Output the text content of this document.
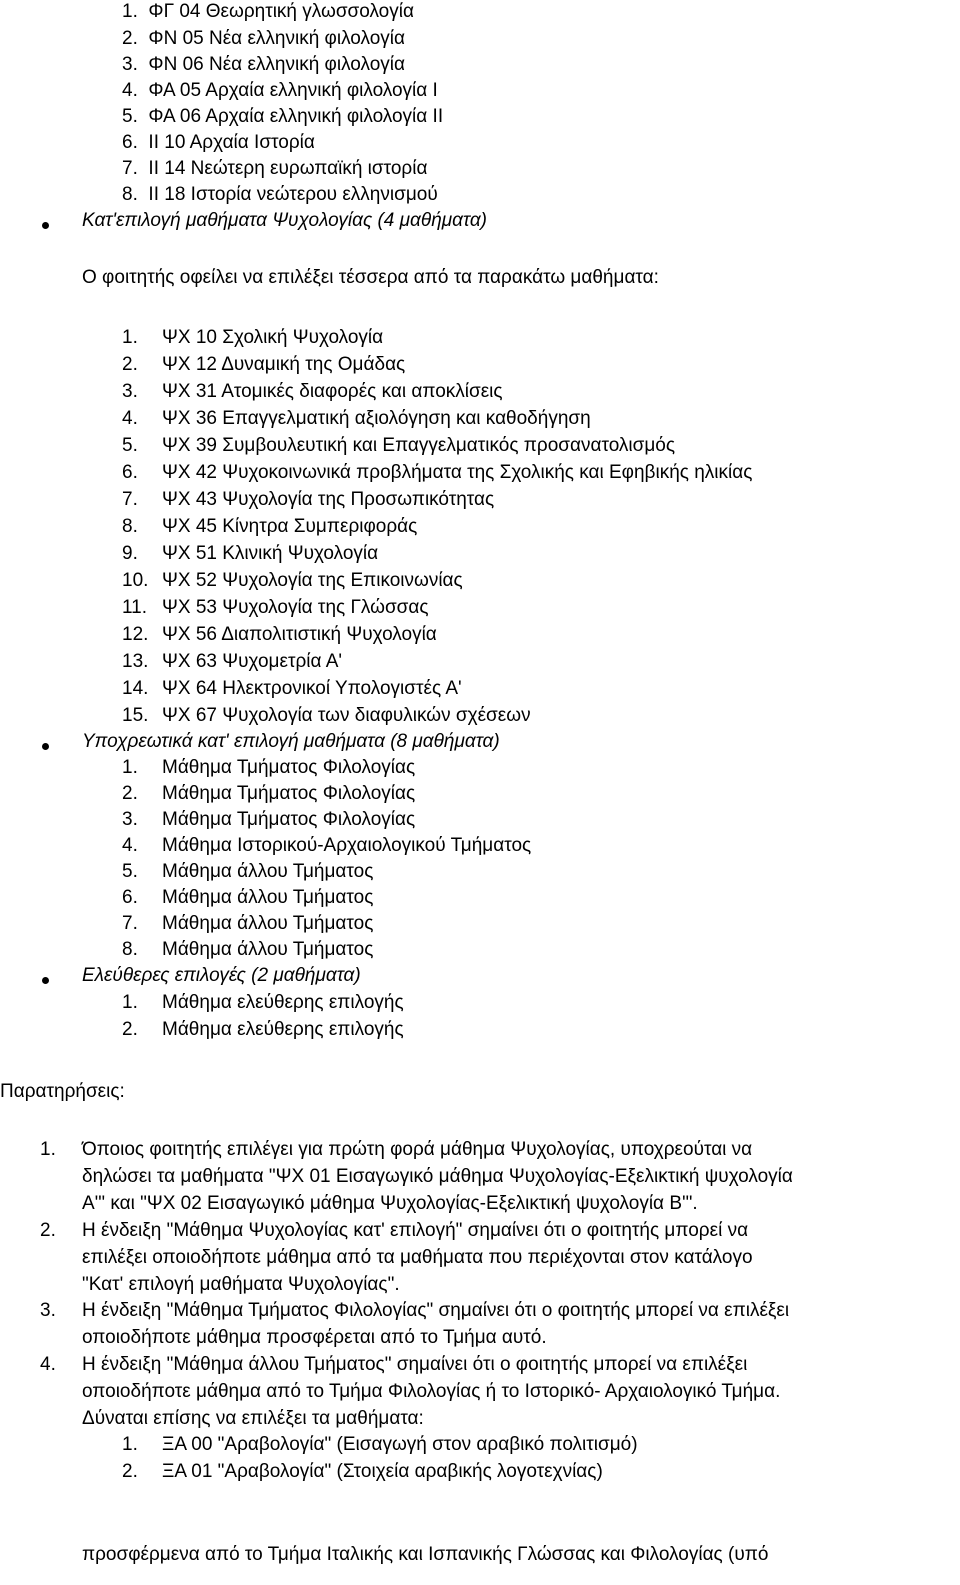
1. ΦΓ 04 Θεωρητική γλωσσολογία
2. ΦΝ 05 Νέα ελληνική φιλολογία
3. ΦΝ 06 Νέα ελληνική φιλολογία
4. ΦΑ 05 Αρχαία ελληνική φιλολογία Ι
5. ΦΑ 06 Αρχαία ελληνική φιλολογία ΙΙ
6. ΙΙ 10 Αρχαία Ιστορία
7. ΙΙ 14 Νεώτερη ευρωπαϊκή ιστορία
8. ΙΙ 18 Ιστορία νεώτερου ελληνισμού
Κατ'επιλογή μαθήματα Ψυχολογίας (4 μαθήματα)
Ο φοιτητής οφείλει να επιλέξει τέσσερα από τα παρακάτω μαθήματα:
1. ΨΧ 10 Σχολική Ψυχολογία
2. ΨΧ 12 Δυναμική της Ομάδας
3. ΨΧ 31 Ατομικές διαφορές και αποκλίσεις
4. ΨΧ 36 Επαγγελματική αξιολόγηση και καθοδήγηση
5. ΨΧ 39 Συμβουλευτική και Επαγγελματικός προσανατολισμός
6. ΨΧ 42 Ψυχοκοινωνικά προβλήματα της Σχολικής και Εφηβικής ηλικίας
7. ΨΧ 43 Ψυχολογία της Προσωπικότητας
8. ΨΧ 45 Κίνητρα Συμπεριφοράς
9. ΨΧ 51 Κλινική Ψυχολογία
10. ΨΧ 52 Ψυχολογία της Επικοινωνίας
11. ΨΧ 53 Ψυχολογία της Γλώσσας
12. ΨΧ 56 Διαπολιτιστική Ψυχολογία
13. ΨΧ 63 Ψυχομετρία Α'
14. ΨΧ 64 Ηλεκτρονικοί Υπολογιστές Α'
15. ΨΧ 67 Ψυχολογία των διαφυλικών σχέσεων
Υποχρεωτικά κατ' επιλογή μαθήματα (8 μαθήματα)
1. Μάθημα Τμήματος Φιλολογίας
2. Μάθημα Τμήματος Φιλολογίας
3. Μάθημα Τμήματος Φιλολογίας
4. Μάθημα Ιστορικού-Αρχαιολογικού Τμήματος
5. Μάθημα άλλου Τμήματος
6. Μάθημα άλλου Τμήματος
7. Μάθημα άλλου Τμήματος
8. Μάθημα άλλου Τμήματος
Ελεύθερες επιλογές (2 μαθήματα)
1. Μάθημα ελεύθερης επιλογής
2. Μάθημα ελεύθερης επιλογής
Παρατηρήσεις:
1. Όποιος φοιτητής επιλέγει για πρώτη φορά μάθημα Ψυχολογίας, υποχρεούται να
δηλώσει τα μαθήματα "ΨΧ 01 Εισαγωγικό μάθημα Ψυχολογίας-Εξελικτική ψυχολογία
Α'" και "ΨΧ 02 Εισαγωγικό μάθημα Ψυχολογίας-Εξελικτική ψυχολογία Β'".
2. Η ένδειξη "Μάθημα Ψυχολογίας κατ' επιλογή" σημαίνει ότι ο φοιτητής μπορεί να
επιλέξει οποιοδήποτε μάθημα από τα μαθήματα που περιέχονται στον κατάλογο
"Κατ' επιλογή μαθήματα Ψυχολογίας".
3. Η ένδειξη "Μάθημα Τμήματος Φιλολογίας" σημαίνει ότι ο φοιτητής μπορεί να επιλέξει
οποιοδήποτε μάθημα προσφέρεται από το Τμήμα αυτό.
4. Η ένδειξη "Μάθημα άλλου Τμήματος" σημαίνει ότι ο φοιτητής μπορεί να επιλέξει
οποιοδήποτε μάθημα από το Τμήμα Φιλολογίας ή το Ιστορικό- Αρχαιολογικό Τμήμα.
Δύναται επίσης να επιλέξει τα μαθήματα:
1. ΞΑ 00 "Αραβολογία" (Εισαγωγή στον αραβικό πολιτισμό)
2. ΞΑ 01 "Αραβολογία" (Στοιχεία αραβικής λογοτεχνίας)
προσφέρμενα από το Τμήμα Ιταλικής και Ισπανικής Γλώσσας και Φιλολογίας (υπό
